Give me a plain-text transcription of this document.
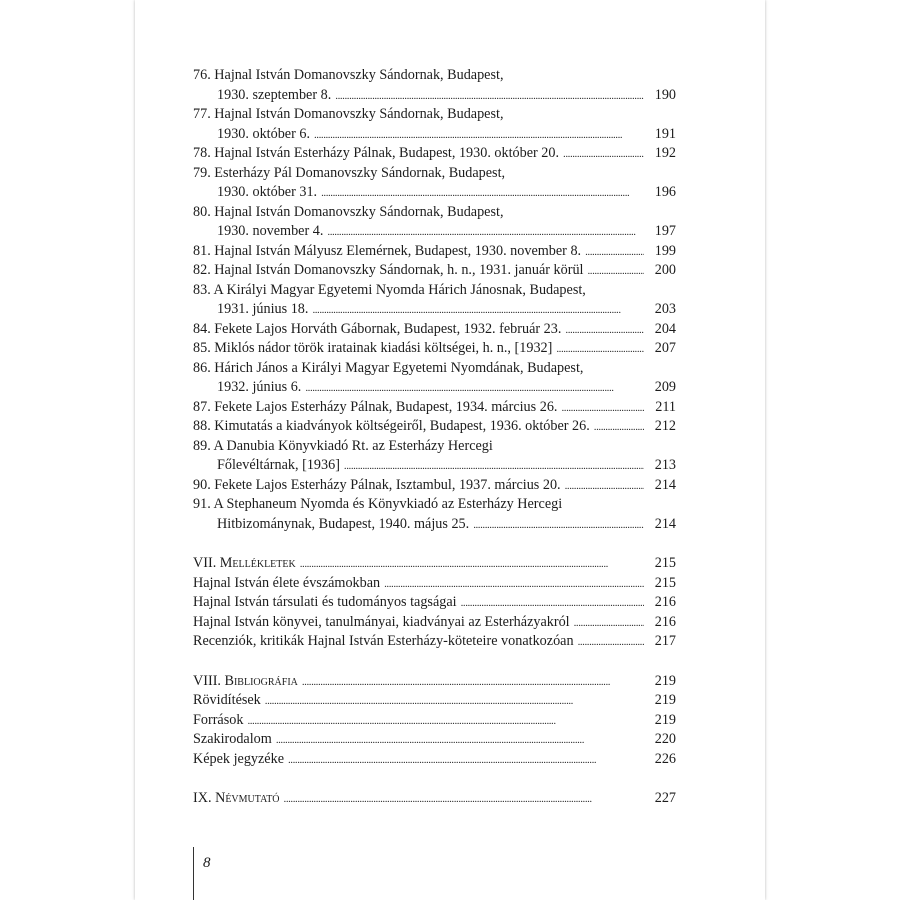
76. Hajnal István Domanovszky Sándornak, Budapest,
1930. szeptember 8. . . .	190
77. Hajnal István Domanovszky Sándornak, Budapest,
1930. október 6. . . .	191
78. Hajnal István Esterházy Pálnak, Budapest, 1930. október 20. . . .	192
79. Esterházy Pál Domanovszky Sándornak, Budapest,
1930. október 31. . . .	196
80. Hajnal István Domanovszky Sándornak, Budapest,
1930. november 4. . . .	197
81. Hajnal István Mályusz Elemérnek, Budapest, 1930. november 8. . . .	199
82. Hajnal István Domanovszky Sándornak, h. n., 1931. január körül . . .	200
83. A Királyi Magyar Egyetemi Nyomda Hárich Jánosnak, Budapest,
1931. június 18. . . .	203
84. Fekete Lajos Horváth Gábornak, Budapest, 1932. február 23. . . .	204
85. Miklós nádor török iratainak kiadási költségei, h. n., [1932] . . .	207
86. Hárich János a Királyi Magyar Egyetemi Nyomdának, Budapest,
1932. június 6. . . .	209
87. Fekete Lajos Esterházy Pálnak, Budapest, 1934. március 26. . . .	211
88. Kimutatás a kiadványok költségeiről, Budapest, 1936. október 26. . . .	212
89. A Danubia Könyvkiadó Rt. az Esterházy Hercegi
Főlevéltárnak, [1936] . . .	213
90. Fekete Lajos Esterházy Pálnak, Isztambul, 1937. március 20. . . .	214
91. A Stephaneum Nyomda és Könyvkiadó az Esterházy Hercegi
Hitbizománynak, Budapest, 1940. május 25. . . .	214
VII. Mellékletek . . .	215
Hajnal István élete évszámokban . . .	215
Hajnal István társulati és tudományos tagságai . . .	216
Hajnal István könyvei, tanulmányai, kiadványai az Esterházyakról . . .	216
Recenziók, kritikák Hajnal István Esterházy-köteteire vonatkozóan . . .	217
VIII. Bibliográfia . . .	219
Rövidítések . . .	219
Források . . .	219
Szakirodalom . . .	220
Képek jegyzéke . . .	226
IX. Névmutató . . .	227
8
